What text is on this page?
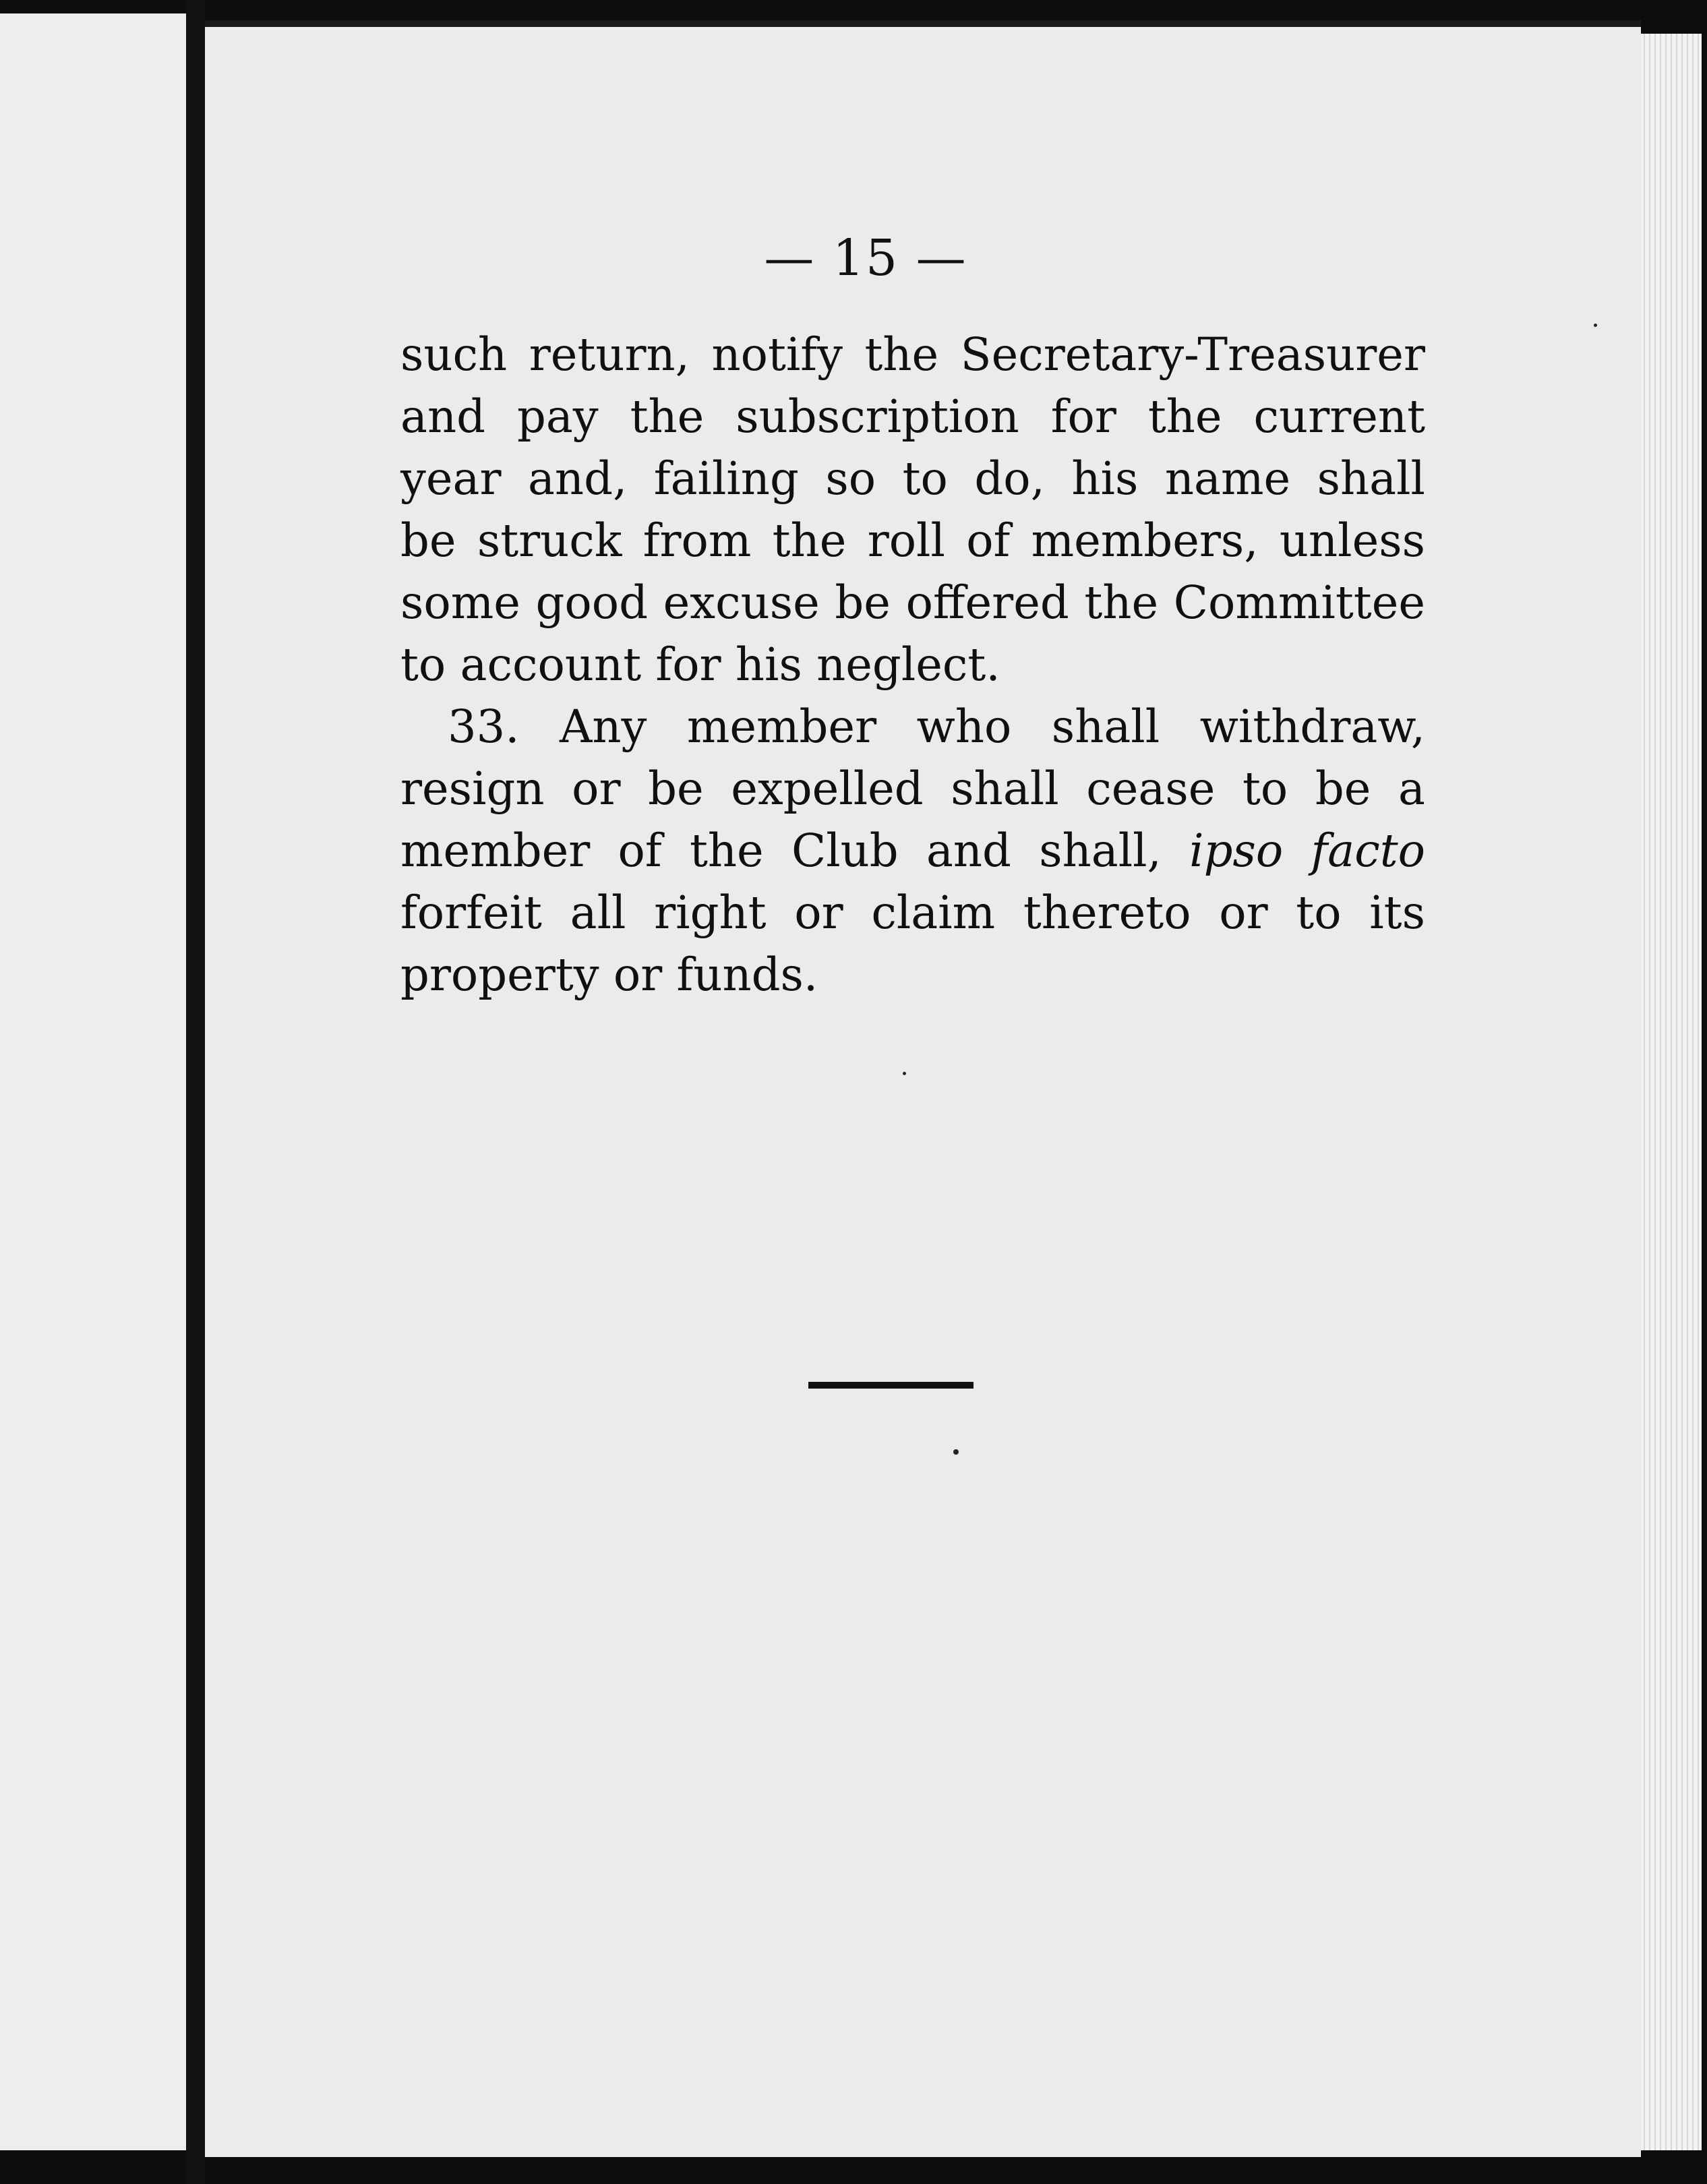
— 15 —

such return, notify the Secretary-Treasurer
and pay the subscription for the current
year and, failing so to do, his name shall
be struck from the roll of members, unless
some good excuse be offered the Committee
to account for his neglect.

33. Any member who shall withdraw,
resign or be expelled shall cease to be a
member of the Club and shall, ipso facto
forfeit all right or claim thereto or to its
property or funds.
